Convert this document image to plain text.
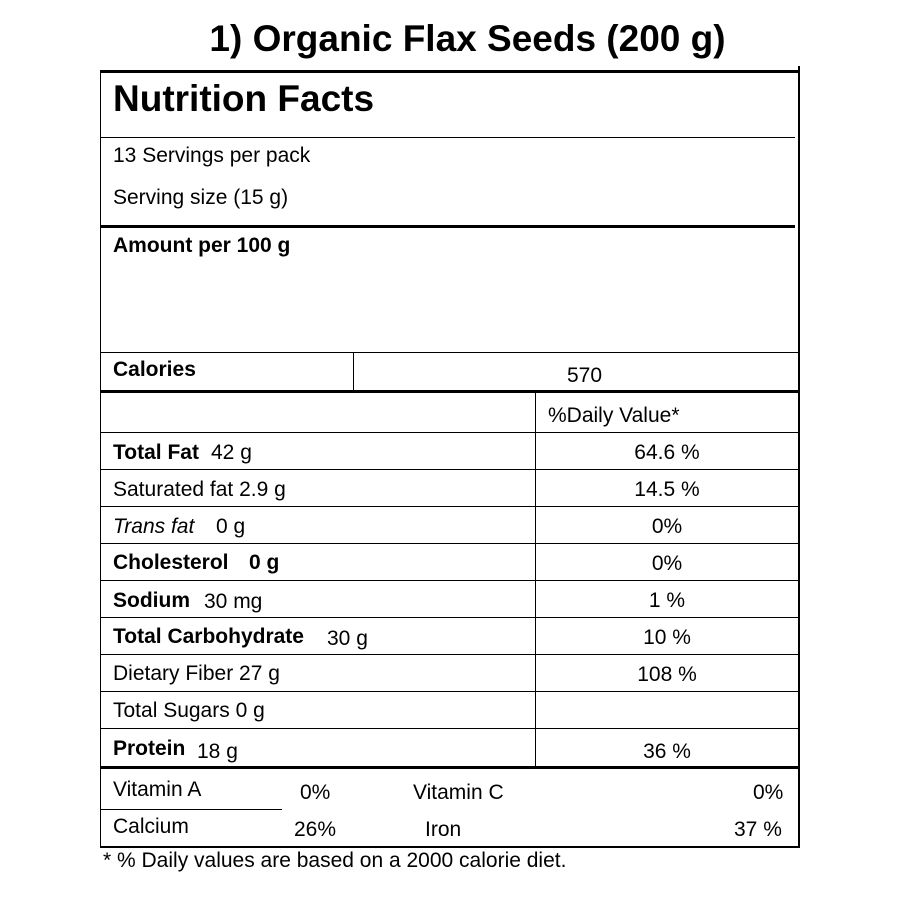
1) Organic Flax Seeds (200 g)
Nutrition Facts
13 Servings per pack
Serving size (15 g)
Amount per 100 g
Calories	570
%Daily Value*
Total Fat 42 g	64.6 %
Saturated fat 2.9 g	14.5 %
Trans fat 0 g	0%
Cholesterol 0 g	0%
Sodium 30 mg	1 %
Total Carbohydrate 30 g	10 %
Dietary Fiber 27 g	108 %
Total Sugars 0 g
Protein 18 g	36 %
Vitamin A	0%	Vitamin C	0%
Calcium	26%	Iron	37 %
* % Daily values are based on a 2000 calorie diet.
